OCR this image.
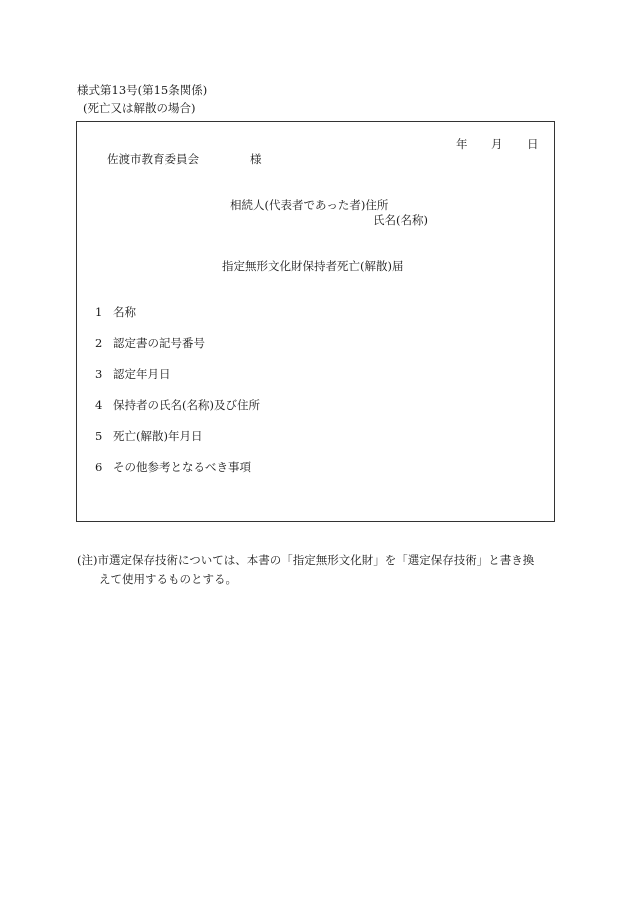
様式第13号(第15条関係)
(死亡又は解散の場合)
年 月 日
佐渡市教育委員会	様
相続人(代表者であった者)住所
氏名(名称)
指定無形文化財保持者死亡(解散)届
1 名称
2 認定書の記号番号
3 認定年月日
4 保持者の氏名(名称)及び住所
5 死亡(解散)年月日
6 その他参考となるべき事項
(注)市選定保存技術については、本書の「指定無形文化財」を「選定保存技術」と書き換
えて使用するものとする。
